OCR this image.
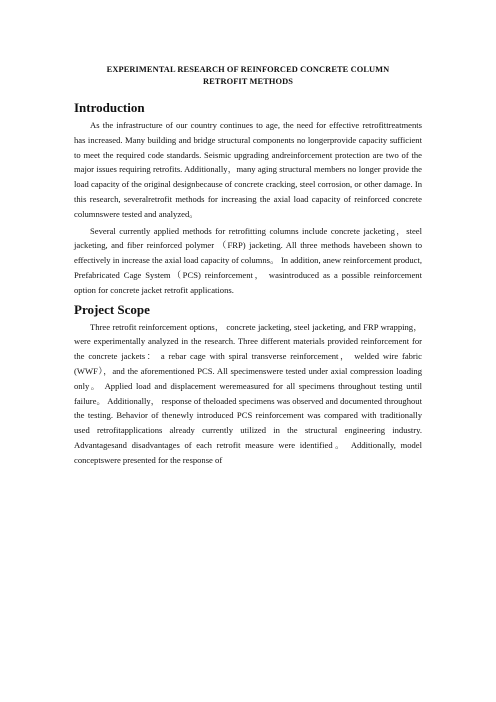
EXPERIMENTAL RESEARCH OF REINFORCED CONCRETE COLUMN
RETROFIT METHODS
Introduction

As the infrastructure of our country continues to age, the need for effective retrofittreatments has increased. Many building and bridge structural components no longerprovide capacity sufficient to meet the required code standards. Seismic upgrading andreinforcement protection are two of the major issues requiring retrofits. Additionally，many aging structural members no longer provide the load capacity of the original designbecause of concrete cracking, steel corrosion, or other damage. In this research, severalretrofit methods for increasing the axial load capacity of reinforced concrete columnswere tested and analyzed。

Several currently applied methods for retrofitting columns include concrete jacketing，steel jacketing, and fiber reinforced polymer （FRP) jacketing. All three methods havebeen shown to effectively in increase the axial load capacity of columns。 In addition, anew reinforcement product, Prefabricated Cage System（PCS) reinforcement， wasintroduced as a possible reinforcement option for concrete jacket retrofit applications.

Project Scope

Three retrofit reinforcement options， concrete jacketing, steel jacketing, and FRP wrapping， were experimentally analyzed in the research. Three different materials provided reinforcement for the concrete jackets： a rebar cage with spiral transverse reinforcement， welded wire fabric (WWF），and the aforementioned PCS. All specimenswere tested under axial compression loading only。 Applied load and displacement weremeasured for all specimens throughout testing until failure。 Additionally， response of theloaded specimens was observed and documented throughout the testing. Behavior of thenewly introduced PCS reinforcement was compared with traditionally used retrofitapplications already currently utilized in the structural engineering industry. Advantagesand disadvantages of each retrofit measure were identified。 Additionally, model conceptswere presented for the response of
